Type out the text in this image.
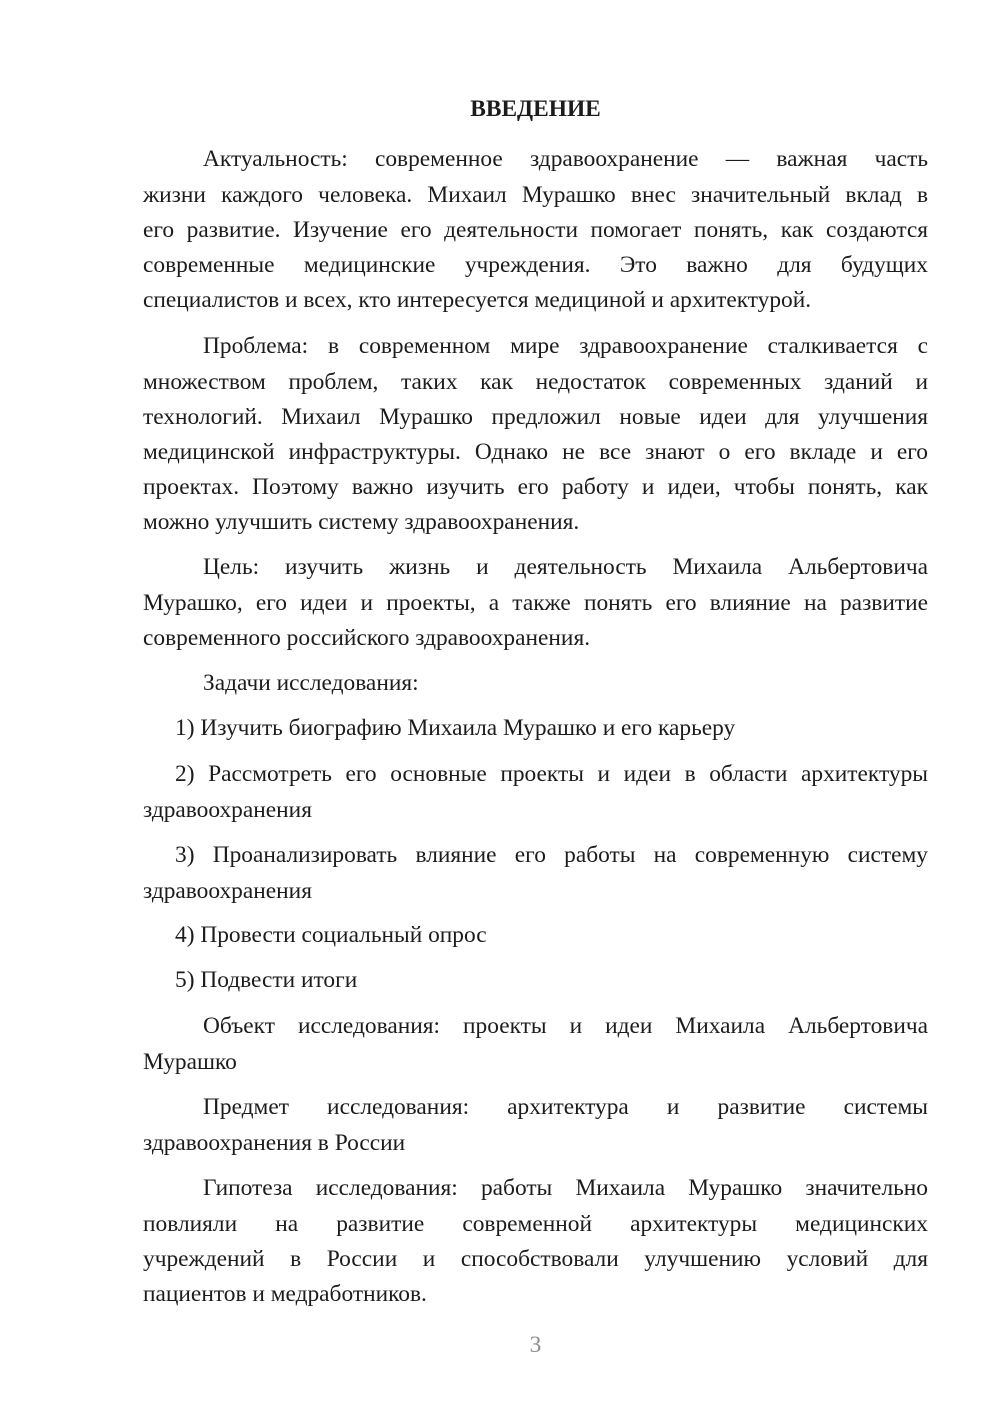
ВВЕДЕНИЕ
Актуальность: современное здравоохранение — важная часть
жизни каждого человека. Михаил Мурашко внес значительный вклад в
его развитие. Изучение его деятельности помогает понять, как создаются
современные медицинские учреждения. Это важно для будущих
специалистов и всех, кто интересуется медициной и архитектурой.
Проблема: в современном мире здравоохранение сталкивается с
множеством проблем, таких как недостаток современных зданий и
технологий. Михаил Мурашко предложил новые идеи для улучшения
медицинской инфраструктуры. Однако не все знают о его вкладе и его
проектах. Поэтому важно изучить его работу и идеи, чтобы понять, как
можно улучшить систему здравоохранения.
Цель: изучить жизнь и деятельность Михаила Альбертовича
Мурашко, его идеи и проекты, а также понять его влияние на развитие
современного российского здравоохранения.
Задачи исследования:
1) Изучить биографию Михаила Мурашко и его карьеру
2) Рассмотреть его основные проекты и идеи в области архитектуры
здравоохранения
3) Проанализировать влияние его работы на современную систему
здравоохранения
4) Провести социальный опрос
5) Подвести итоги
Объект исследования: проекты и идеи Михаила Альбертовича
Мурашко
Предмет исследования: архитектура и развитие системы
здравоохранения в России
Гипотеза исследования: работы Михаила Мурашко значительно
повлияли на развитие современной архитектуры медицинских
учреждений в России и способствовали улучшению условий для
пациентов и медработников.
3
